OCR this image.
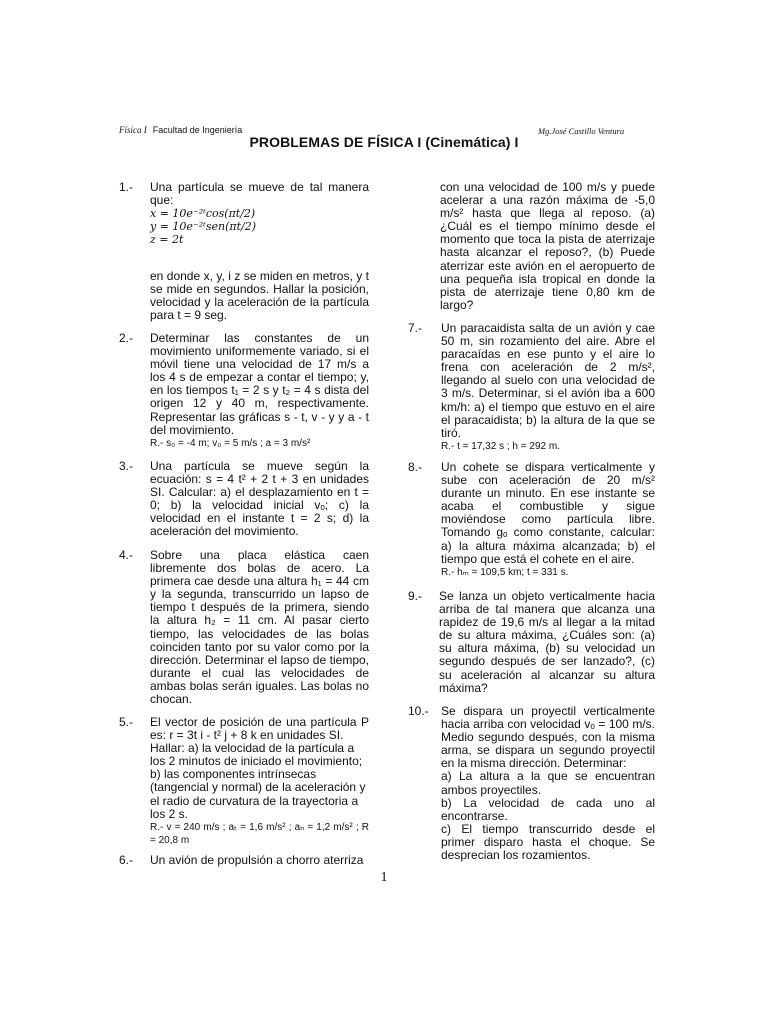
Física I Facultad de Ingeniería	Mg.José Castillo Ventura
PROBLEMAS DE FÍSICA I (Cinemática) I
1.- Una partícula se mueve de tal manera que:

x = 10e⁻²ᵗcos(πt/2)

y = 10e⁻²ᵗsen(πt/2)

z = 2t

en donde x, y, i z se miden en metros, y t se mide en segundos. Hallar la posición, velocidad y la aceleración de la partícula para t = 9 seg.

2.- Determinar las constantes de un movimiento uniformemente variado, si el móvil tiene una velocidad de 17 m/s a los 4 s de empezar a contar el tiempo; y, en los tiempos t₁ = 2 s y t₂ = 4 s dista del origen 12 y 40 m, respectivamente. Representar las gráficas s - t, v - y y a - t del movimiento.

R.- s₀ = -4 m; v₀ = 5 m/s ; a = 3 m/s²

3.- Una partícula se mueve según la ecuación: s = 4 t² + 2 t + 3 en unidades SI. Calcular: a) el desplazamiento en t = 0; b) la velocidad inicial vₒ; c) la velocidad en el instante t = 2 s; d) la aceleración del movimiento.

4.- Sobre una placa elástica caen libremente dos bolas de acero. La primera cae desde una altura h₁ = 44 cm y la segunda, transcurrido un lapso de tiempo t después de la primera, siendo la altura h₂ = 11 cm. Al pasar cierto tiempo, las velocidades de las bolas coinciden tanto por su valor como por la dirección. Determinar el lapso de tiempo, durante el cual las velocidades de ambas bolas serán iguales. Las bolas no chocan.

5.- El vector de posición de una partícula P es: r = 3t i - t² j + 8 k en unidades SI.

Hallar: a) la velocidad de la partícula a los 2 minutos de iniciado el movimiento; b) las componentes intrínsecas (tangencial y normal) de la aceleración y el radio de curvatura de la trayectoria a los 2 s.

R.- v = 240 m/s ; aₜ = 1,6 m/s² ; aₙ = 1,2 m/s² ; R = 20,8 m

6.- Un avión de propulsión a chorro aterriza

con una velocidad de 100 m/s y puede acelerar a una razón máxima de -5,0 m/s² hasta que llega al reposo. (a) ¿Cuál es el tiempo mínimo desde el momento que toca la pista de aterrizaje hasta alcanzar el reposo?, (b) Puede aterrizar este avión en el aeropuerto de una pequeña isla tropical en donde la pista de aterrizaje tiene 0,80 km de largo?

7.- Un paracaidista salta de un avión y cae 50 m, sin rozamiento del aire. Abre el paracaídas en ese punto y el aire lo frena con aceleración de 2 m/s², llegando al suelo con una velocidad de 3 m/s. Determinar, si el avión iba a 600 km/h: a) el tiempo que estuvo en el aire el paracaidista; b) la altura de la que se tiró.

R.- t = 17,32 s ; h = 292 m.

8.- Un cohete se dispara verticalmente y sube con aceleración de 20 m/s² durante un minuto. En ese instante se acaba el combustible y sigue moviéndose como partícula libre. Tomando gₒ como constante, calcular: a) la altura máxima alcanzada; b) el tiempo que está el cohete en el aire.

R.- hₘ = 109,5 km; t = 331 s.

9.- Se lanza un objeto verticalmente hacia arriba de tal manera que alcanza una rapidez de 19,6 m/s al llegar a la mitad de su altura máxima, ¿Cuáles son: (a) su altura máxima, (b) su velocidad un segundo después de ser lanzado?, (c) su aceleración al alcanzar su altura máxima?

10.- Se dispara un proyectil verticalmente hacia arriba con velocidad vₒ = 100 m/s. Medio segundo después, con la misma arma, se dispara un segundo proyectil en la misma dirección. Determinar:

a) La altura a la que se encuentran ambos proyectiles.

b) La velocidad de cada uno al encontrarse.

c) El tiempo transcurrido desde el primer disparo hasta el choque. Se desprecian los rozamientos.

1
